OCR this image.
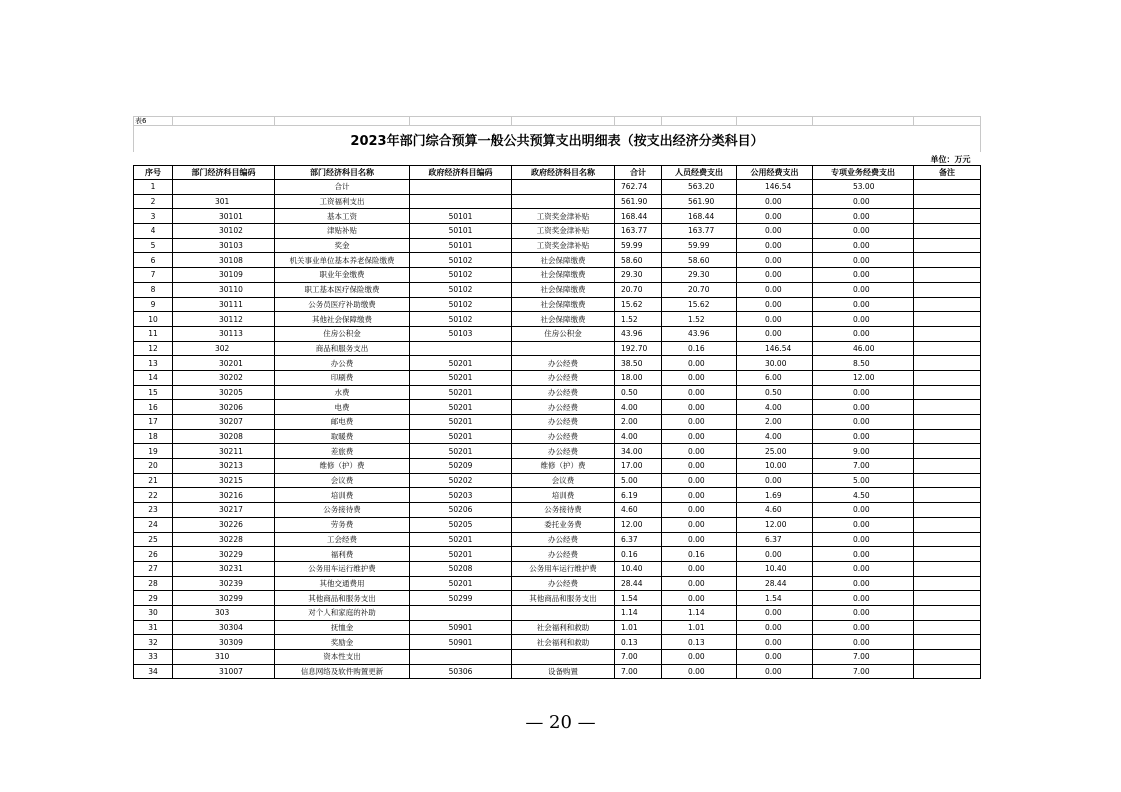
表6									
2023年部门综合预算一般公共预算支出明细表（按支出经济分类科目）									
单位：万元									
序号	部门经济科目编码	部门经济科目名称	政府经济科目编码	政府经济科目名称	合计	人员经费支出	公用经费支出	专项业务经费支出	备注
1		合计			762.74	563.20	146.54	53.00	
2	301	工资福利支出			561.90	561.90	0.00	0.00	
3	30101	基本工资	50101	工资奖金津补贴	168.44	168.44	0.00	0.00	
4	30102	津贴补贴	50101	工资奖金津补贴	163.77	163.77	0.00	0.00	
5	30103	奖金	50101	工资奖金津补贴	59.99	59.99	0.00	0.00	
6	30108	机关事业单位基本养老保险缴费	50102	社会保障缴费	58.60	58.60	0.00	0.00	
7	30109	职业年金缴费	50102	社会保障缴费	29.30	29.30	0.00	0.00	
8	30110	职工基本医疗保险缴费	50102	社会保障缴费	20.70	20.70	0.00	0.00	
9	30111	公务员医疗补助缴费	50102	社会保障缴费	15.62	15.62	0.00	0.00	
10	30112	其他社会保障缴费	50102	社会保障缴费	1.52	1.52	0.00	0.00	
11	30113	住房公积金	50103	住房公积金	43.96	43.96	0.00	0.00	
12	302	商品和服务支出			192.70	0.16	146.54	46.00	
13	30201	办公费	50201	办公经费	38.50	0.00	30.00	8.50	
14	30202	印刷费	50201	办公经费	18.00	0.00	6.00	12.00	
15	30205	水费	50201	办公经费	0.50	0.00	0.50	0.00	
16	30206	电费	50201	办公经费	4.00	0.00	4.00	0.00	
17	30207	邮电费	50201	办公经费	2.00	0.00	2.00	0.00	
18	30208	取暖费	50201	办公经费	4.00	0.00	4.00	0.00	
19	30211	差旅费	50201	办公经费	34.00	0.00	25.00	9.00	
20	30213	维修（护）费	50209	维修（护）费	17.00	0.00	10.00	7.00	
21	30215	会议费	50202	会议费	5.00	0.00	0.00	5.00	
22	30216	培训费	50203	培训费	6.19	0.00	1.69	4.50	
23	30217	公务接待费	50206	公务接待费	4.60	0.00	4.60	0.00	
24	30226	劳务费	50205	委托业务费	12.00	0.00	12.00	0.00	
25	30228	工会经费	50201	办公经费	6.37	0.00	6.37	0.00	
26	30229	福利费	50201	办公经费	0.16	0.16	0.00	0.00	
27	30231	公务用车运行维护费	50208	公务用车运行维护费	10.40	0.00	10.40	0.00	
28	30239	其他交通费用	50201	办公经费	28.44	0.00	28.44	0.00	
29	30299	其他商品和服务支出	50299	其他商品和服务支出	1.54	0.00	1.54	0.00	
30	303	对个人和家庭的补助			1.14	1.14	0.00	0.00	
31	30304	抚恤金	50901	社会福利和救助	1.01	1.01	0.00	0.00	
32	30309	奖励金	50901	社会福利和救助	0.13	0.13	0.00	0.00	
33	310	资本性支出			7.00	0.00	0.00	7.00	
34	31007	信息网络及软件购置更新	50306	设备购置	7.00	0.00	0.00	7.00	
— 20 —
